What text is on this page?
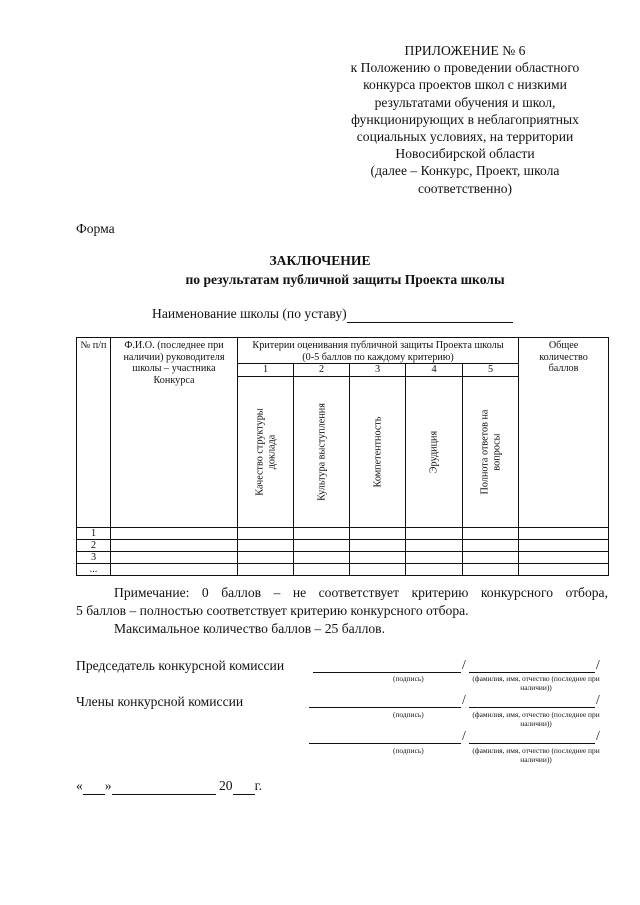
ПРИЛОЖЕНИЕ № 6
к Положению о проведении областного
конкурса проектов школ с низкими
результатами обучения и школ,
функционирующих в неблагоприятных
социальных условиях, на территории
Новосибирской области
(далее – Конкурс, Проект, школа
соответственно)
Форма
ЗАКЛЮЧЕНИЕ
по результатам публичной защиты Проекта школы
Наименование школы (по уставу)
№ п/п	Ф.И.О. (последнее при наличии) руководителя школы – участника Конкурса	Критерии оценивания публичной защиты Проекта школы (0-5 баллов по каждому критерию)					Общее количество баллов
		1	2	3	4	5	

		Качество структуры доклада	Культура выступления	Компетентность	Эрудиция	Полнота ответов на вопросы	

1							
2							
3							
...							

Примечание: 0 баллов – не соответствует критерию конкурсного отбора,

5 баллов – полностью соответствует критерию конкурсного отбора.

Максимальное количество баллов – 25 баллов.

Председатель конкурсной комиссии	/	/
(подпись)	(фамилия, имя, отчество (последнее при наличии))
Члены конкурсной комиссии	/	/
(подпись)	(фамилия, имя, отчество (последнее при наличии))
/	/
(подпись)	(фамилия, имя, отчество (последнее при наличии))
« »	20 г.
